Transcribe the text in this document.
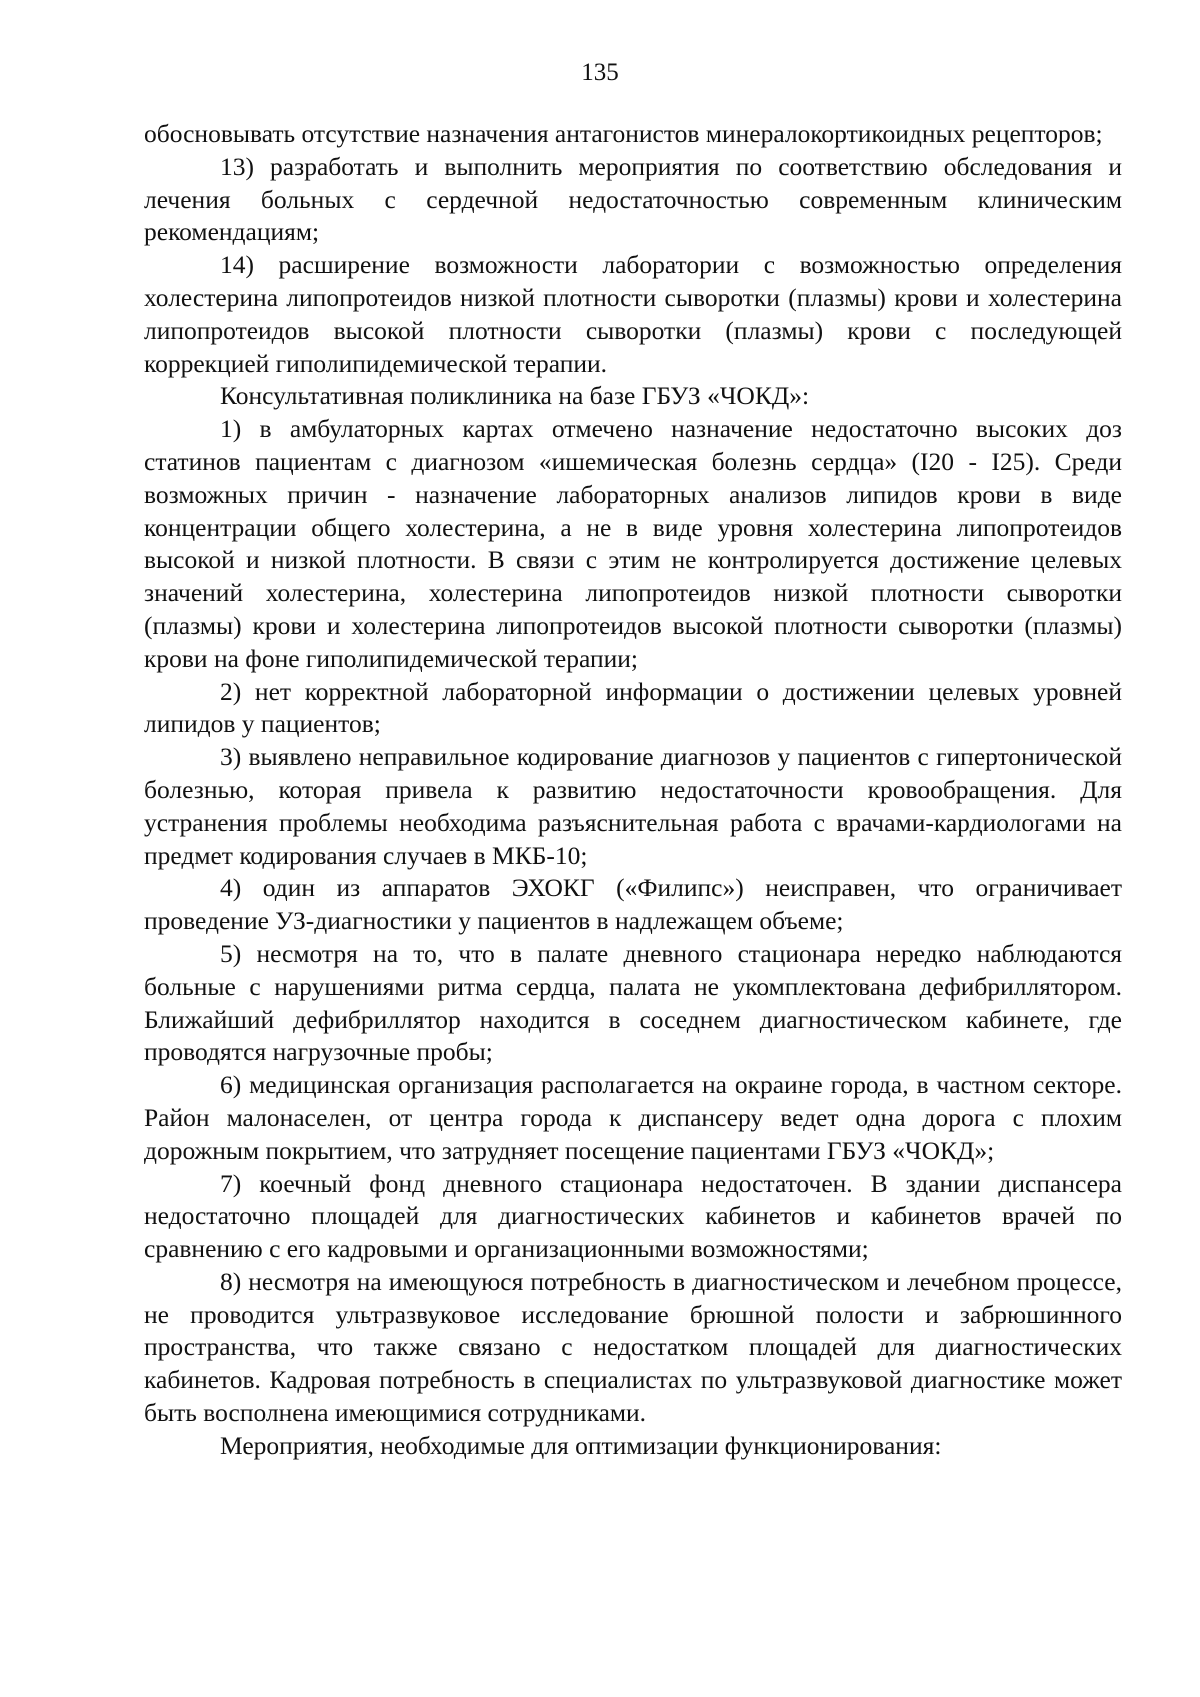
135

обосновывать отсутствие назначения антагонистов минералокортикоидных рецепторов;

13) разработать и выполнить мероприятия по соответствию обследования и лечения больных с сердечной недостаточностью современным клиническим рекомендациям;

14) расширение возможности лаборатории с возможностью определения холестерина липопротеидов низкой плотности сыворотки (плазмы) крови и холестерина липопротеидов высокой плотности сыворотки (плазмы) крови с последующей коррекцией гиполипидемической терапии.

Консультативная поликлиника на базе ГБУЗ «ЧОКД»:

1) в амбулаторных картах отмечено назначение недостаточно высоких доз статинов пациентам с диагнозом «ишемическая болезнь сердца» (I20 - I25). Среди возможных причин - назначение лабораторных анализов липидов крови в виде концентрации общего холестерина, а не в виде уровня холестерина липопротеидов высокой и низкой плотности. В связи с этим не контролируется достижение целевых значений холестерина, холестерина липопротеидов низкой плотности сыворотки (плазмы) крови и холестерина липопротеидов высокой плотности сыворотки (плазмы) крови на фоне гиполипидемической терапии;

2) нет корректной лабораторной информации о достижении целевых уровней липидов у пациентов;

3) выявлено неправильное кодирование диагнозов у пациентов с гипертонической болезнью, которая привела к развитию недостаточности кровообращения. Для устранения проблемы необходима разъяснительная работа с врачами-кардиологами на предмет кодирования случаев в МКБ-10;

4) один из аппаратов ЭХОКГ («Филипс») неисправен, что ограничивает проведение УЗ-диагностики у пациентов в надлежащем объеме;

5) несмотря на то, что в палате дневного стационара нередко наблюдаются больные с нарушениями ритма сердца, палата не укомплектована дефибриллятором. Ближайший дефибриллятор находится в соседнем диагностическом кабинете, где проводятся нагрузочные пробы;

6) медицинская организация располагается на окраине города, в частном секторе. Район малонаселен, от центра города к диспансеру ведет одна дорога с плохим дорожным покрытием, что затрудняет посещение пациентами ГБУЗ «ЧОКД»;

7) коечный фонд дневного стационара недостаточен. В здании диспансера недостаточно площадей для диагностических кабинетов и кабинетов врачей по сравнению с его кадровыми и организационными возможностями;

8) несмотря на имеющуюся потребность в диагностическом и лечебном процессе, не проводится ультразвуковое исследование брюшной полости и забрюшинного пространства, что также связано с недостатком площадей для диагностических кабинетов. Кадровая потребность в специалистах по ультразвуковой диагностике может быть восполнена имеющимися сотрудниками.

Мероприятия, необходимые для оптимизации функционирования:
